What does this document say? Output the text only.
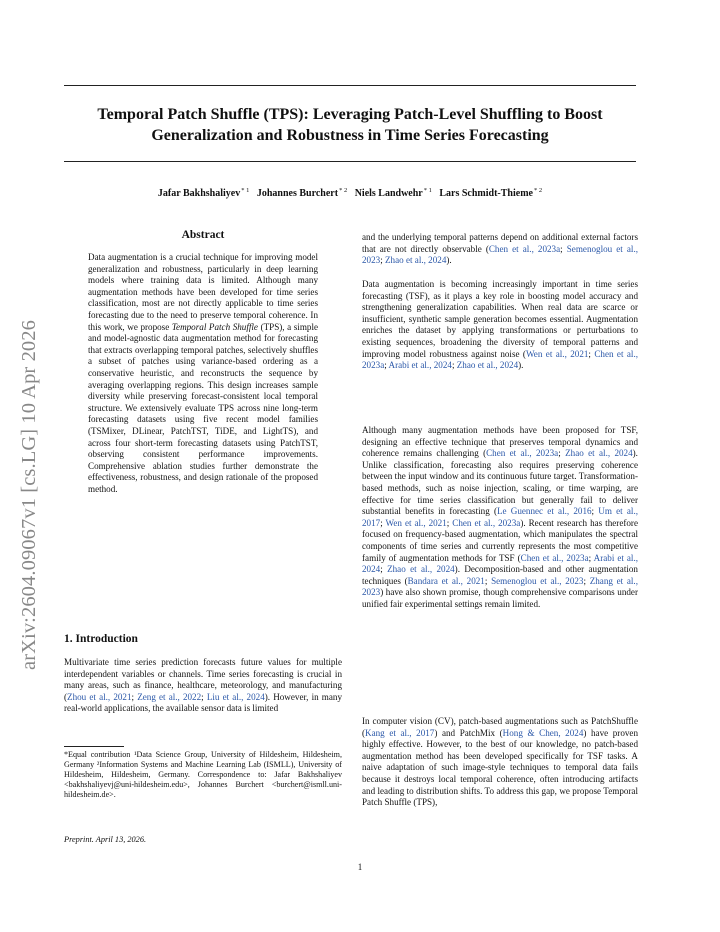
arXiv:2604.09067v1 [cs.LG] 10 Apr 2026
Temporal Patch Shuffle (TPS): Leveraging Patch-Level Shuffling to Boost
Generalization and Robustness in Time Series Forecasting
Jafar Bakhshaliyev$^{* 1}$ Johannes Burchert$^{* 2}$ Niels Landwehr$^{* 1}$ Lars Schmidt-Thieme$^{* 2}$
Abstract
Data augmentation is a crucial technique for improving model generalization and robustness, particularly in deep learning models where training data is limited. Although many augmentation methods have been developed for time series classification, most are not directly applicable to time series forecasting due to the need to preserve temporal coherence. In this work, we propose Temporal Patch Shuffle (TPS), a simple and model-agnostic data augmentation method for forecasting that extracts overlapping temporal patches, selectively shuffles a subset of patches using variance-based ordering as a conservative heuristic, and reconstructs the sequence by averaging overlapping regions. This design increases sample diversity while preserving forecast-consistent local temporal structure. We extensively evaluate TPS across nine long-term forecasting datasets using five recent model families (TSMixer, DLinear, PatchTST, TiDE, and LightTS), and across four short-term forecasting datasets using PatchTST, observing consistent performance improvements. Comprehensive ablation studies further demonstrate the effectiveness, robustness, and design rationale of the proposed method.
1. Introduction
Multivariate time series prediction forecasts future values for multiple interdependent variables or channels. Time series forecasting is crucial in many areas, such as finance, healthcare, meteorology, and manufacturing (Zhou et al., 2021; Zeng et al., 2022; Liu et al., 2024). However, in many real-world applications, the available sensor data is limited
*Equal contribution ¹Data Science Group, University of Hildesheim, Hildesheim, Germany ²Information Systems and Machine Learning Lab (ISMLL), University of Hildesheim, Hildesheim, Germany. Correspondence to: Jafar Bakhshaliyev <bakhshaliyevj@uni-hildesheim.edu>, Johannes Burchert <burchert@ismll.uni-hildesheim.de>.
Preprint. April 13, 2026.
and the underlying temporal patterns depend on additional external factors that are not directly observable (Chen et al., 2023a; Semenoglou et al., 2023; Zhao et al., 2024).
Data augmentation is becoming increasingly important in time series forecasting (TSF), as it plays a key role in boosting model accuracy and strengthening generalization capabilities. When real data are scarce or insufficient, synthetic sample generation becomes essential. Augmentation enriches the dataset by applying transformations or perturbations to existing sequences, broadening the diversity of temporal patterns and improving model robustness against noise (Wen et al., 2021; Chen et al., 2023a; Arabi et al., 2024; Zhao et al., 2024).
Although many augmentation methods have been proposed for TSF, designing an effective technique that preserves temporal dynamics and coherence remains challenging (Chen et al., 2023a; Zhao et al., 2024). Unlike classification, forecasting also requires preserving coherence between the input window and its continuous future target. Transformation-based methods, such as noise injection, scaling, or time warping, are effective for time series classification but generally fail to deliver substantial benefits in forecasting (Le Guennec et al., 2016; Um et al., 2017; Wen et al., 2021; Chen et al., 2023a). Recent research has therefore focused on frequency-based augmentation, which manipulates the spectral components of time series and currently represents the most competitive family of augmentation methods for TSF (Chen et al., 2023a; Arabi et al., 2024; Zhao et al., 2024). Decomposition-based and other augmentation techniques (Bandara et al., 2021; Semenoglou et al., 2023; Zhang et al., 2023) have also shown promise, though comprehensive comparisons under unified fair experimental settings remain limited.
In computer vision (CV), patch-based augmentations such as PatchShuffle (Kang et al., 2017) and PatchMix (Hong & Chen, 2024) have proven highly effective. However, to the best of our knowledge, no patch-based augmentation method has been developed specifically for TSF tasks. A naive adaptation of such image-style techniques to temporal data fails because it destroys local temporal coherence, often introducing artifacts and leading to distribution shifts. To address this gap, we propose Temporal Patch Shuffle (TPS),
1
